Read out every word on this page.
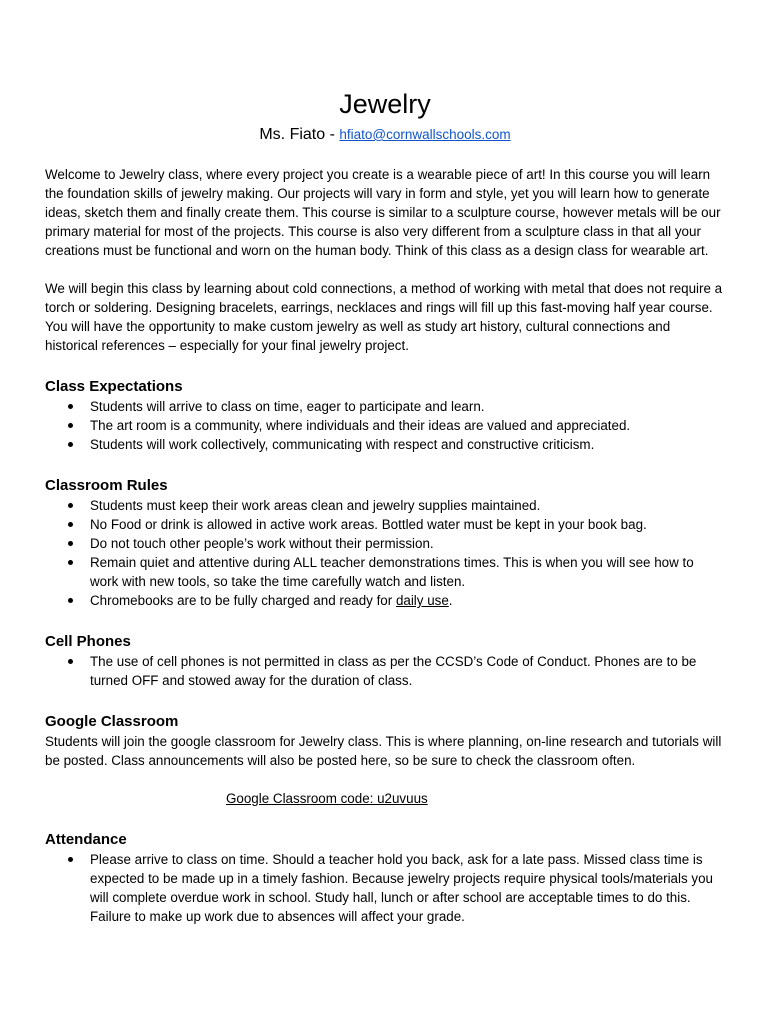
Jewelry
Ms. Fiato - hfiato@cornwallschools.com

Welcome to Jewelry class, where every project you create is a wearable piece of art! In this course you will learn the foundation skills of jewelry making. Our projects will vary in form and style, yet you will learn how to generate ideas, sketch them and finally create them. This course is similar to a sculpture course, however metals will be our primary material for most of the projects. This course is also very different from a sculpture class in that all your creations must be functional and worn on the human body. Think of this class as a design class for wearable art.

We will begin this class by learning about cold connections, a method of working with metal that does not require a torch or soldering. Designing bracelets, earrings, necklaces and rings will fill up this fast-moving half year course. You will have the opportunity to make custom jewelry as well as study art history, cultural connections and historical references – especially for your final jewelry project.

Class Expectations
Students will arrive to class on time, eager to participate and learn.
The art room is a community, where individuals and their ideas are valued and appreciated.
Students will work collectively, communicating with respect and constructive criticism.
Classroom Rules
Students must keep their work areas clean and jewelry supplies maintained.
No Food or drink is allowed in active work areas. Bottled water must be kept in your book bag.
Do not touch other people’s work without their permission.
Remain quiet and attentive during ALL teacher demonstrations times. This is when you will see how to work with new tools, so take the time carefully watch and listen.
Chromebooks are to be fully charged and ready for daily use.
Cell Phones
The use of cell phones is not permitted in class as per the CCSD’s Code of Conduct. Phones are to be turned OFF and stowed away for the duration of class.
Google Classroom

Students will join the google classroom for Jewelry class. This is where planning, on-line research and tutorials will be posted. Class announcements will also be posted here, so be sure to check the classroom often.

Google Classroom code: u2uvuus
Attendance
Please arrive to class on time. Should a teacher hold you back, ask for a late pass. Missed class time is expected to be made up in a timely fashion. Because jewelry projects require physical tools/materials you will complete overdue work in school. Study hall, lunch or after school are acceptable times to do this. Failure to make up work due to absences will affect your grade.
